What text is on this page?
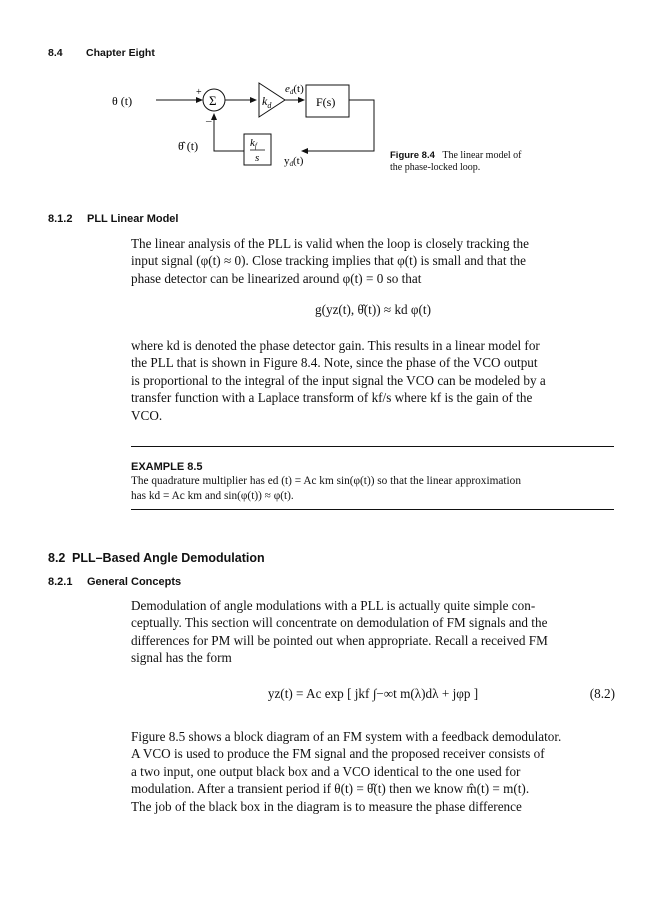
8.4 Chapter Eight
θ (t)
+
Σ	$k_d$
ed(t)
F(s)
yd(t)
kf
s
–
θ̂ (t)
Figure 8.4 The linear model of
the phase-locked loop.
8.1.2 PLL Linear Model

The linear analysis of the PLL is valid when the loop is closely tracking the
input signal (φ(t) ≈ 0). Close tracking implies that φ(t) is small and that the
phase detector can be linearized around φ(t) = 0 so that

g(yz(t), θ̂(t)) ≈ kd φ(t)

where kd is denoted the phase detector gain. This results in a linear model for
the PLL that is shown in Figure 8.4. Note, since the phase of the VCO output
is proportional to the integral of the input signal the VCO can be modeled by a
transfer function with a Laplace transform of kf/s where kf is the gain of the
VCO.

EXAMPLE 8.5

The quadrature multiplier has ed (t) = Ac km sin(φ(t)) so that the linear approximation
has kd = Ac km and sin(φ(t)) ≈ φ(t).

8.2 PLL–Based Angle Demodulation
8.2.1 General Concepts

Demodulation of angle modulations with a PLL is actually quite simple con-
ceptually. This section will concentrate on demodulation of FM signals and the
differences for PM will be pointed out when appropriate. Recall a received FM
signal has the form

yz(t) = Ac exp [ jkf ∫−∞t m(λ)dλ + jφp ]	(8.2)

Figure 8.5 shows a block diagram of an FM system with a feedback demodulator.
A VCO is used to produce the FM signal and the proposed receiver consists of
a two input, one output black box and a VCO identical to the one used for
modulation. After a transient period if θ(t) = θ̂(t) then we know m̂(t) = m(t).
The job of the black box in the diagram is to measure the phase difference
